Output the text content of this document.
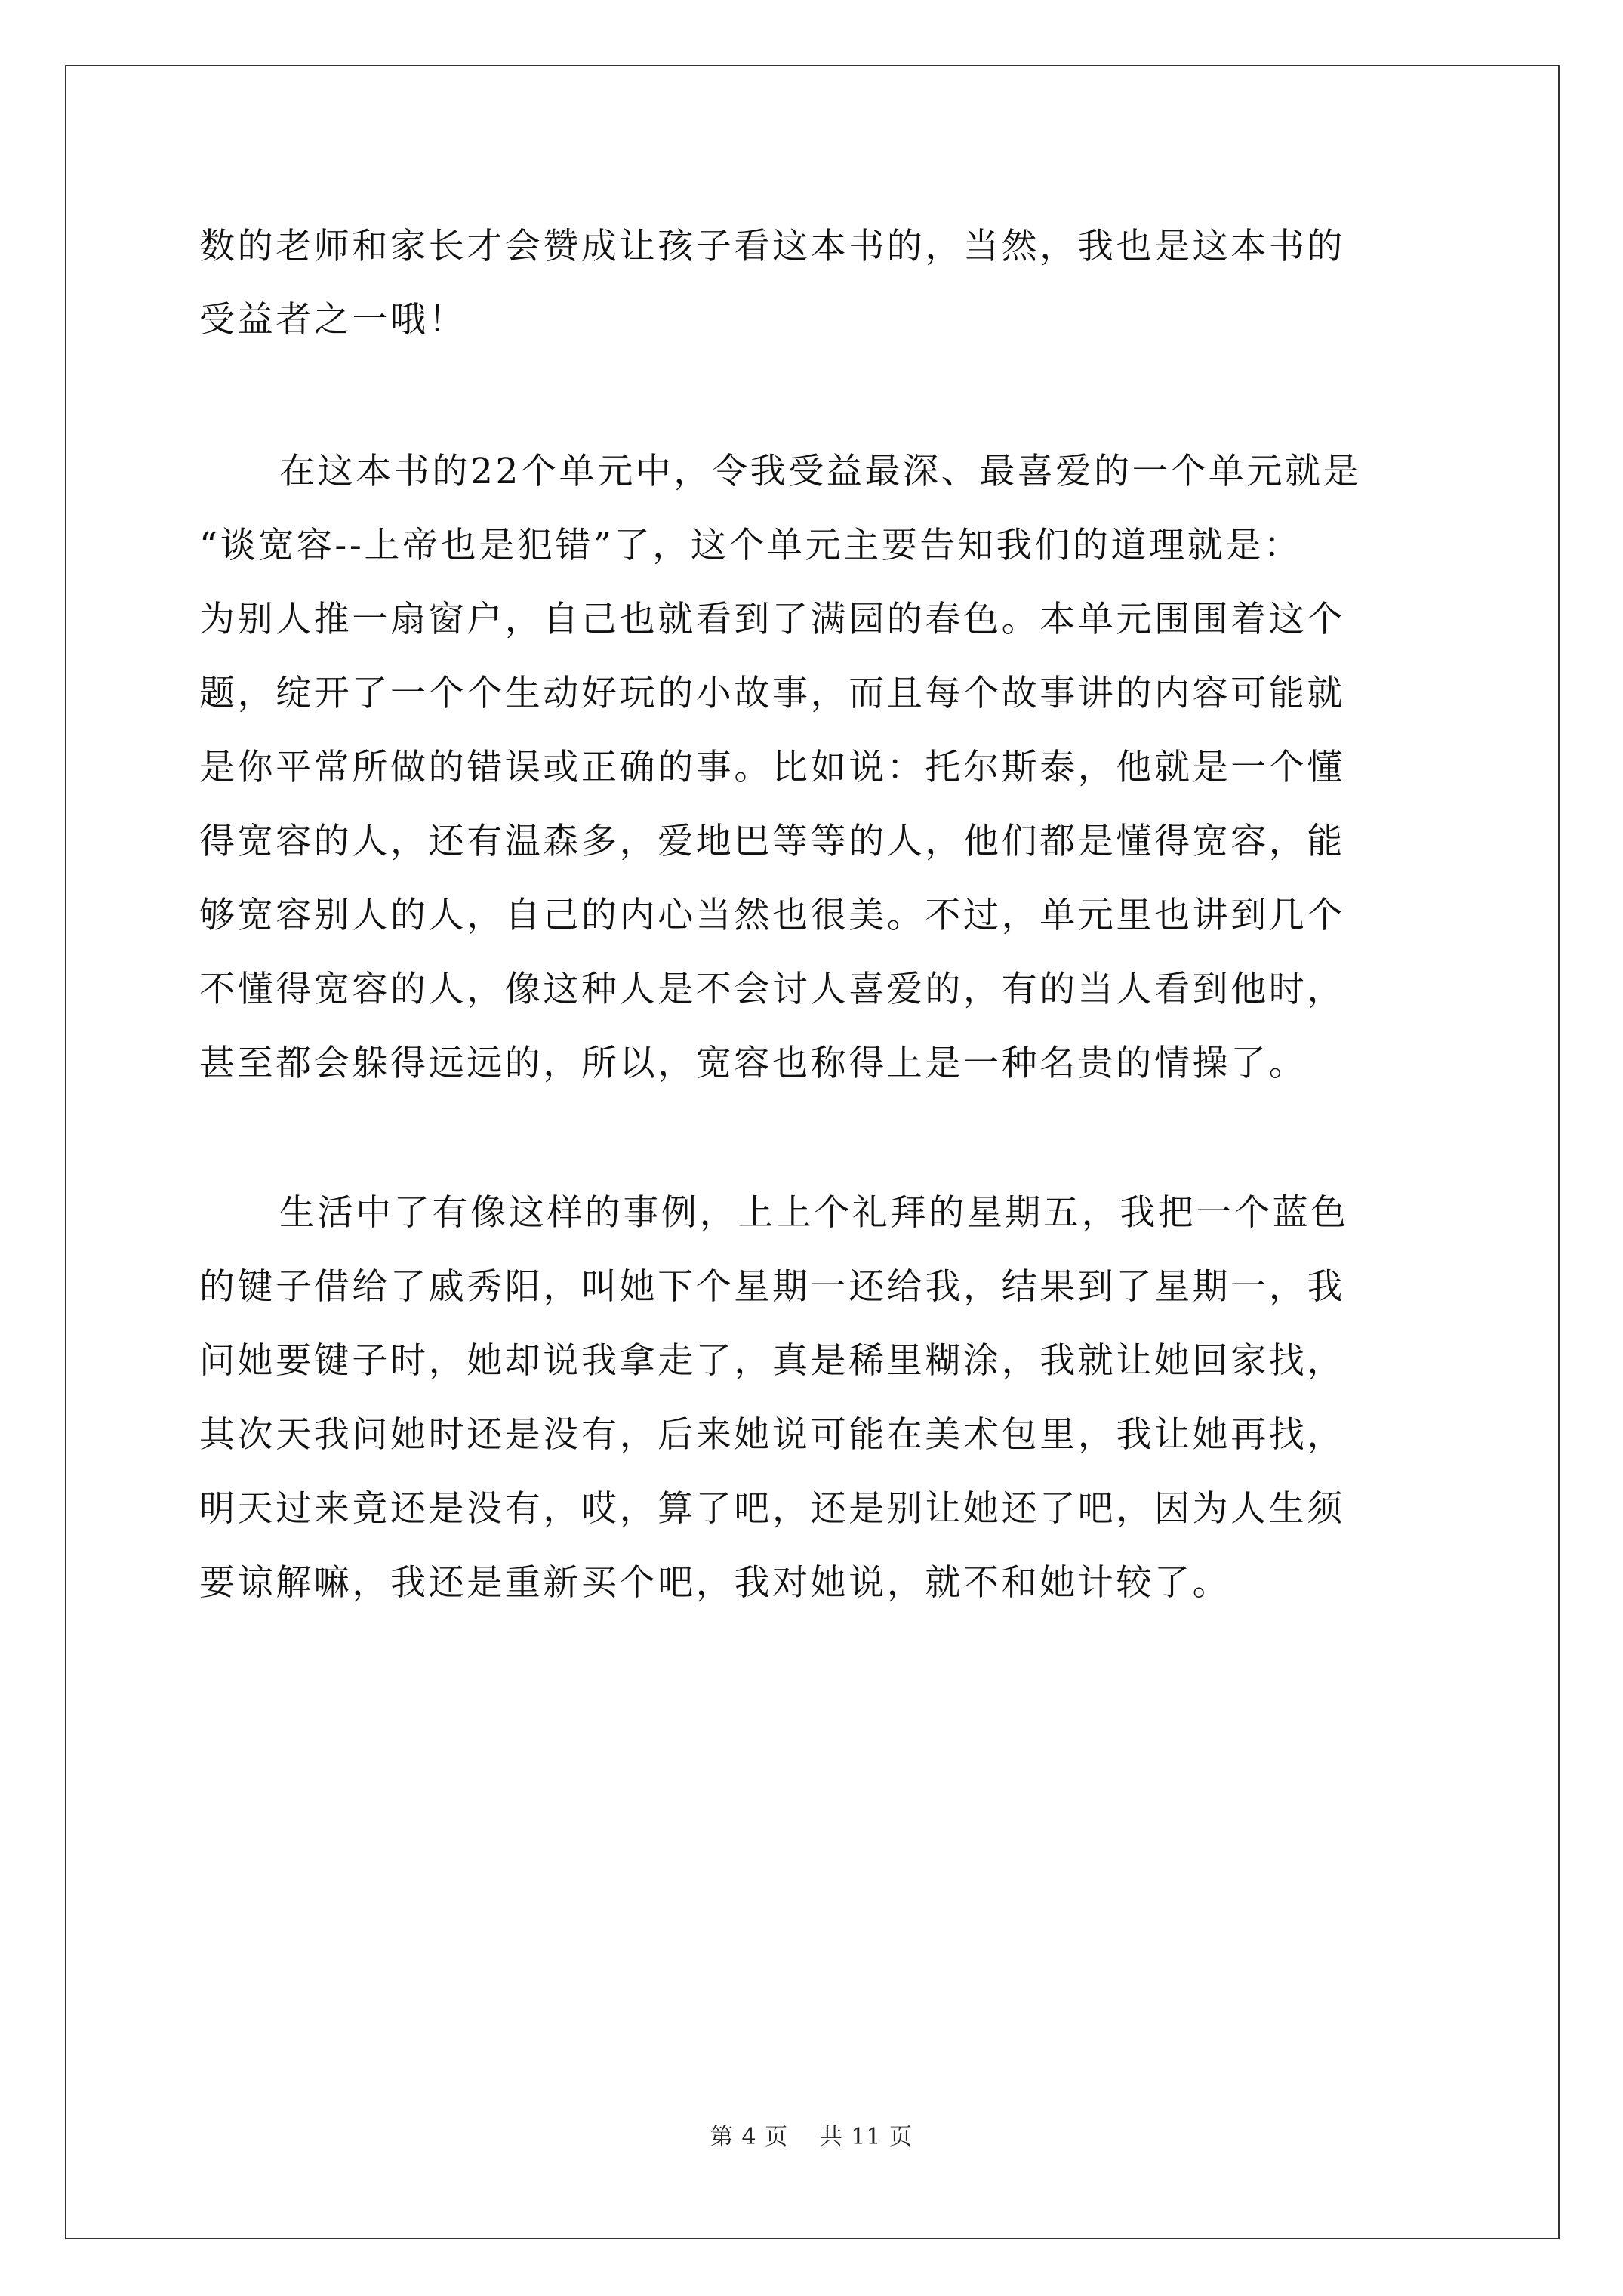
数的老师和家长才会赞成让孩子看这本书的，当然，我也是这本书的
受益者之一哦！
在这本书的22个单元中，令我受益最深、最喜爱的一个单元就是
“谈宽容--上帝也是犯错”了，这个单元主要告知我们的道理就是：
为别人推一扇窗户，自己也就看到了满园的春色。本单元围围着这个
题，绽开了一个个生动好玩的小故事，而且每个故事讲的内容可能就
是你平常所做的错误或正确的事。比如说：托尔斯泰，他就是一个懂
得宽容的人，还有温森多，爱地巴等等的人，他们都是懂得宽容，能
够宽容别人的人，自己的内心当然也很美。不过，单元里也讲到几个
不懂得宽容的人，像这种人是不会讨人喜爱的，有的当人看到他时，
甚至都会躲得远远的，所以，宽容也称得上是一种名贵的情操了。
生活中了有像这样的事例，上上个礼拜的星期五，我把一个蓝色
的键子借给了戚秀阳，叫她下个星期一还给我，结果到了星期一，我
问她要键子时，她却说我拿走了，真是稀里糊涂，我就让她回家找，
其次天我问她时还是没有，后来她说可能在美术包里，我让她再找，
明天过来竟还是没有，哎，算了吧，还是别让她还了吧，因为人生须
要谅解嘛，我还是重新买个吧，我对她说，就不和她计较了。
第 4 页　 共 11 页
